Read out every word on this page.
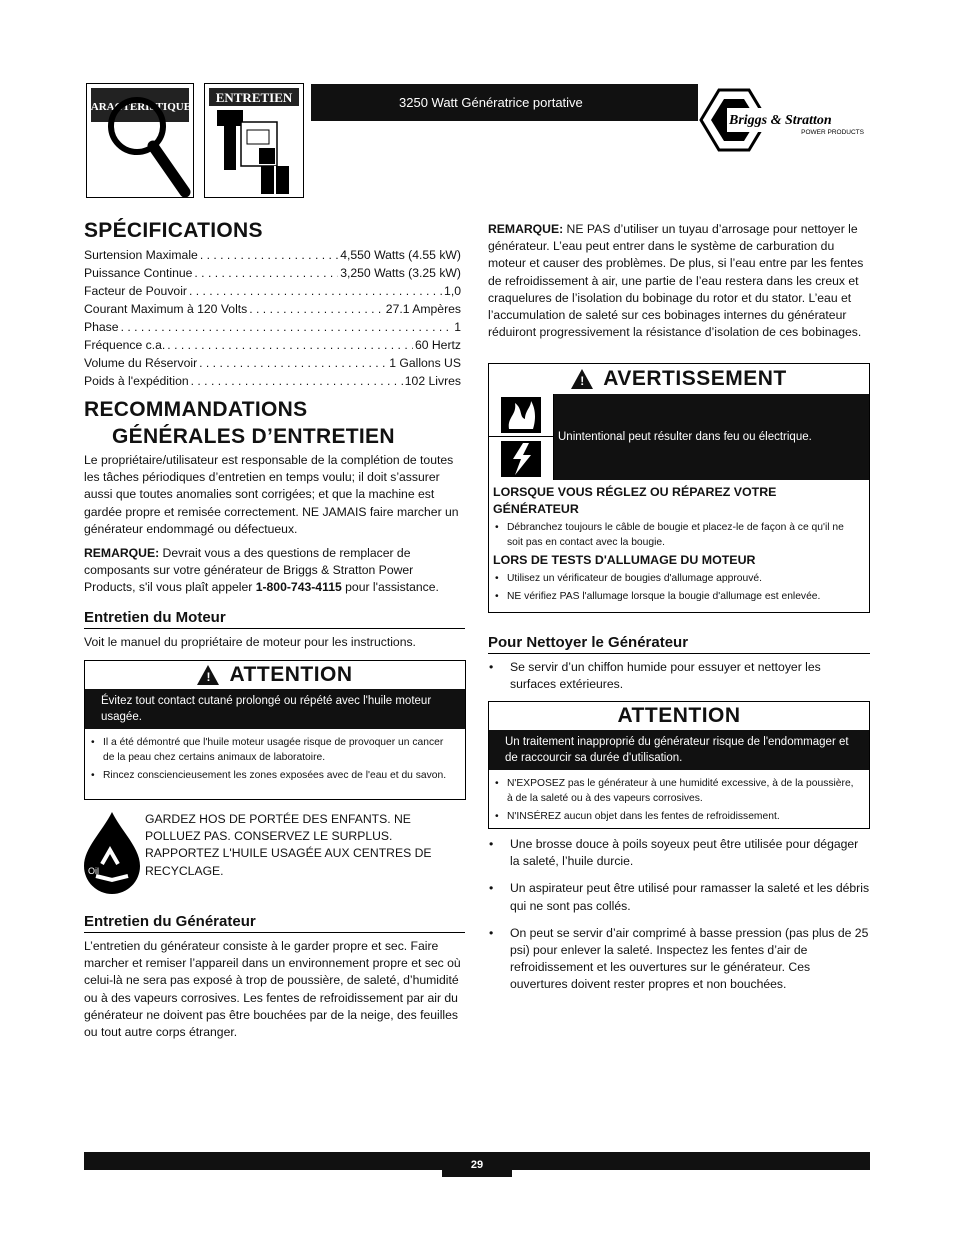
CARACTÉRISTIQUES
ENTRETIEN	3250 Watt Génératrice portative
Briggs & Stratton
POWER PRODUCTS
SPÉCIFICATIONS
Surtension Maximale . . .	4,550 Watts (4.55 kW)
Puissance Continue . . .	3,250 Watts (3.25 kW)
Facteur de Pouvoir . . .	1,0
Courant Maximum à 120 Volts . . .	27.1 Ampères
Phase . . .	1
Fréquence c.a. . . .	60 Hertz
Volume du Réservoir . . .	1 Gallons US
Poids à l'expédition . . .	102 Livres
RECOMMANDATIONS
GÉNÉRALES D’ENTRETIEN

Le propriétaire/utilisateur est responsable de la complétion de toutes les tâches périodiques d’entretien en temps voulu; il doit s’assurer aussi que toutes anomalies sont corrigées; et que la machine est gardée propre et remisée correctement. NE JAMAIS faire marcher un générateur endommagé ou défectueux.

REMARQUE: Devrait vous a des questions de remplacer de composants sur votre générateur de Briggs & Stratton Power Products, s'il vous plaît appeler 1-800-743-4115 pour l'assistance.

Entretien du Moteur

Voit le manuel du propriétaire de moteur pour les instructions.

! ATTENTION
Évitez tout contact cutané prolongé ou répété avec l'huile moteur usagée.
• Il a été démontré que l'huile moteur usagée risque de provoquer un cancer de la peau chez certains animaux de laboratoire.
• Rincez consciencieusement les zones exposées avec de l'eau et du savon.
Oil

GARDEZ HOS DE PORTÉE DES ENFANTS. NE POLLUEZ PAS. CONSERVEZ LE SURPLUS. RAPPORTEZ L'HUILE USAGÉE AUX CENTRES DE RECYCLAGE.

Entretien du Générateur

L’entretien du générateur consiste à le garder propre et sec. Faire marcher et remiser l’appareil dans un environnement propre et sec où celui-là ne sera pas exposé à trop de poussière, de saleté, d’humidité ou à des vapeurs corrosives. Les fentes de refroidissement par air du générateur ne doivent pas être bouchées par de la neige, des feuilles ou tout autre corps étranger.

REMARQUE: NE PAS d’utiliser un tuyau d’arrosage pour nettoyer le générateur. L’eau peut entrer dans le système de carburation du moteur et causer des problèmes. De plus, si l’eau entre par les fentes de refroidissement à air, une partie de l’eau restera dans les creux et craquelures de l’isolation du bobinage du rotor et du stator. L’eau et l’accumulation de saleté sur ces bobinages internes du générateur réduiront progressivement la résistance d’isolation de ces bobinages.

! AVERTISSEMENT
Unintentional peut résulter dans feu ou électrique.
LORSQUE VOUS RÉGLEZ OU RÉPAREZ VOTRE GÉNÉRATEUR
• Débranchez toujours le câble de bougie et placez-le de façon à ce qu'il ne soit pas en contact avec la bougie.
LORS DE TESTS D'ALLUMAGE DU MOTEUR
• Utilisez un vérificateur de bougies d'allumage approuvé.
• NE vérifiez PAS l'allumage lorsque la bougie d'allumage est enlevée.
Pour Nettoyer le Générateur
• Se servir d’un chiffon humide pour essuyer et nettoyer les surfaces extérieures.
ATTENTION
Un traitement inapproprié du générateur risque de l'endommager et de raccourcir sa durée d'utilisation.
• N'EXPOSEZ pas le générateur à une humidité excessive, à de la poussière, à de la saleté ou à des vapeurs corrosives.
• N'INSÉREZ aucun objet dans les fentes de refroidissement.
• Une brosse douce à poils soyeux peut être utilisée pour dégager la saleté, l’huile durcie.
• Un aspirateur peut être utilisé pour ramasser la saleté et les débris qui ne sont pas collés.
• On peut se servir d’air comprimé à basse pression (pas plus de 25 psi) pour enlever la saleté. Inspectez les fentes d’air de refroidissement et les ouvertures sur le générateur. Ces ouvertures doivent rester propres et non bouchées.
29
